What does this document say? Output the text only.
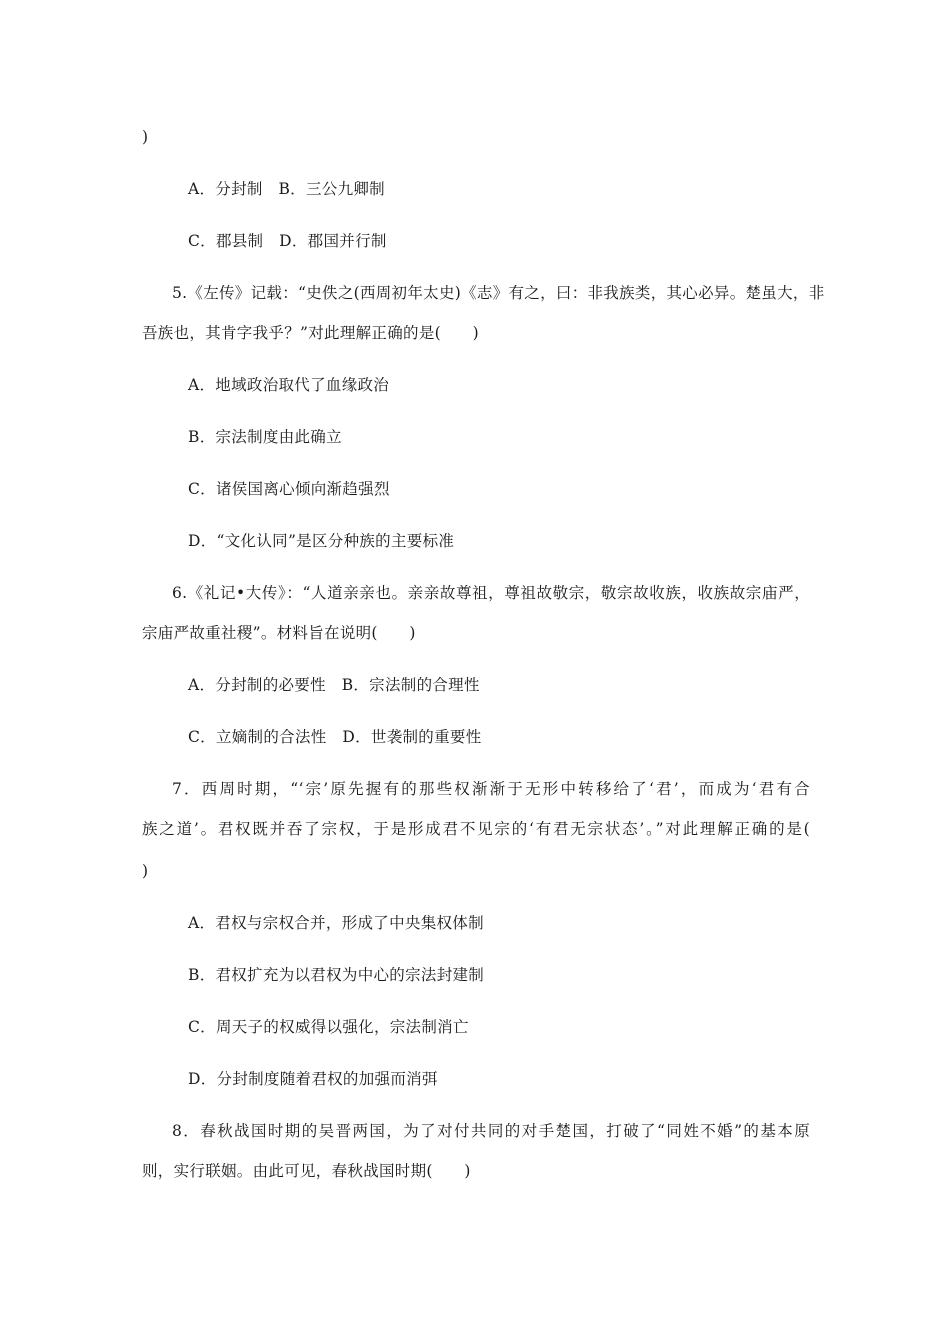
)
A．分封制　B．三公九卿制
C．郡县制　D．郡国并行制
5.《左传》记载：“史佚之(西周初年太史)《志》有之，曰：非我族类，其心必异。楚虽大，非
吾族也，其肯字我乎？”对此理解正确的是(　　)
A．地域政治取代了血缘政治
B．宗法制度由此确立
C．诸侯国离心倾向渐趋强烈
D．“文化认同”是区分种族的主要标准
6.《礼记•大传》：“人道亲亲也。亲亲故尊祖，尊祖故敬宗，敬宗故收族，收族故宗庙严，
宗庙严故重社稷”。材料旨在说明(　　)
A．分封制的必要性　B．宗法制的合理性
C．立嫡制的合法性　D．世袭制的重要性
7．西周时期，“‘宗’原先握有的那些权渐渐于无形中转移给了‘君’，而成为‘君有合
族之道’。君权既并吞了宗权，于是形成君不见宗的‘有君无宗状态’。”对此理解正确的是(
)
A．君权与宗权合并，形成了中央集权体制
B．君权扩充为以君权为中心的宗法封建制
C．周天子的权威得以强化，宗法制消亡
D．分封制度随着君权的加强而消弭
8．春秋战国时期的吴晋两国，为了对付共同的对手楚国，打破了“同姓不婚”的基本原
则，实行联姻。由此可见，春秋战国时期(　　)
